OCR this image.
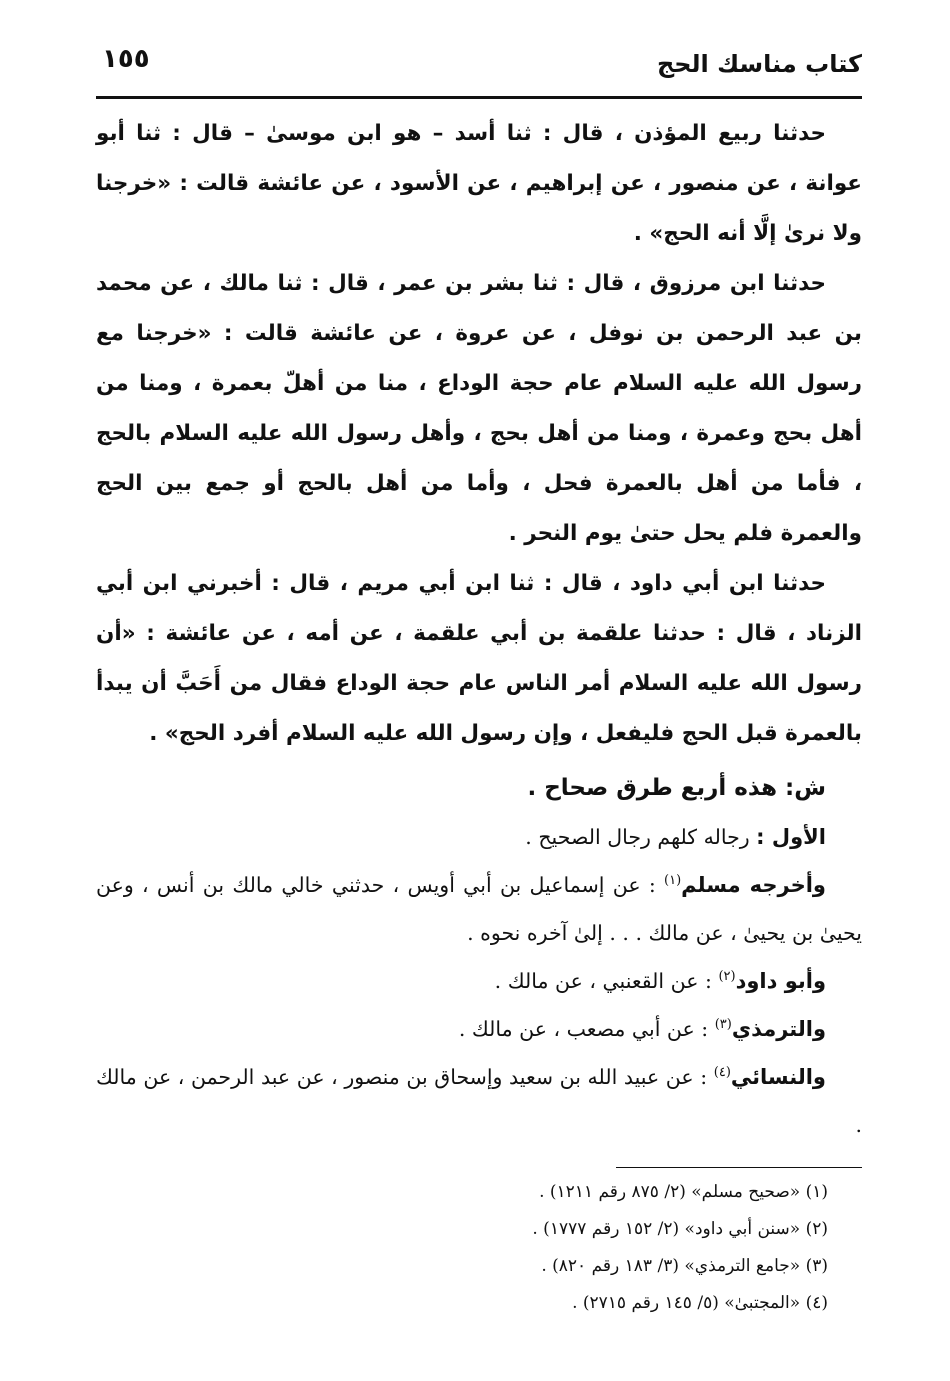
كتاب مناسك الحج
١٥٥

حدثنا ربيع المؤذن ، قال : ثنا أسد – هو ابن موسىٰ – قال : ثنا أبو عوانة ، عن منصور ، عن إبراهيم ، عن الأسود ، عن عائشة قالت : «خرجنا ولا نرىٰ إلَّا أنه الحج» .

حدثنا ابن مرزوق ، قال : ثنا بشر بن عمر ، قال : ثنا مالك ، عن محمد بن عبد الرحمن بن نوفل ، عن عروة ، عن عائشة قالت : «خرجنا مع رسول الله عليه السلام عام حجة الوداع ، منا من أهلّ بعمرة ، ومنا من أهل بحج وعمرة ، ومنا من أهل بحج ، وأهل رسول الله عليه السلام بالحج ، فأما من أهل بالعمرة فحل ، وأما من أهل بالحج أو جمع بين الحج والعمرة فلم يحل حتىٰ يوم النحر .

حدثنا ابن أبي داود ، قال : ثنا ابن أبي مريم ، قال : أخبرني ابن أبي الزناد ، قال : حدثنا علقمة بن أبي علقمة ، عن أمه ، عن عائشة : «أن رسول الله عليه السلام أمر الناس عام حجة الوداع فقال من أَحَبَّ أن يبدأ بالعمرة قبل الحج فليفعل ، وإن رسول الله عليه السلام أفرد الحج» .

ش: هذه أربع طرق صحاح .

الأول : رجاله كلهم رجال الصحيح .

وأخرجه مسلم$^{(١)}$ : عن إسماعيل بن أبي أويس ، حدثني خالي مالك بن أنس ، وعن يحيىٰ بن يحيىٰ ، عن مالك . . . إلىٰ آخره نحوه .

وأبو داود$^{(٢)}$ : عن القعنبي ، عن مالك .

والترمذي$^{(٣)}$ : عن أبي مصعب ، عن مالك .

والنسائي$^{(٤)}$ : عن عبيد الله بن سعيد وإسحاق بن منصور ، عن عبد الرحمن ، عن مالك .

(١) «صحيح مسلم» (٢/ ٨٧٥ رقم ١٢١١) .

(٢) «سنن أبي داود» (٢/ ١٥٢ رقم ١٧٧٧) .

(٣) «جامع الترمذي» (٣/ ١٨٣ رقم ٨٢٠) .

(٤) «المجتبىٰ» (٥/ ١٤٥ رقم ٢٧١٥) .
